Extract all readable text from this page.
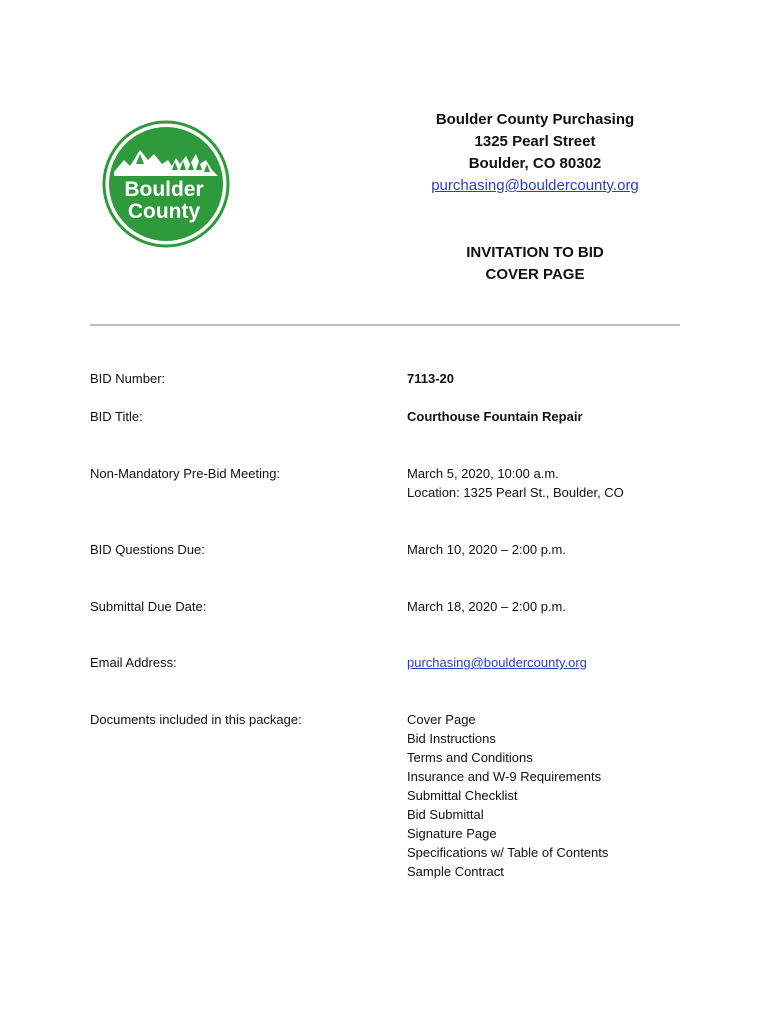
Boulder
County
Boulder County Purchasing
1325 Pearl Street
Boulder, CO 80302
purchasing@bouldercounty.org
INVITATION TO BID
COVER PAGE
BID Number:	7113-20
BID Title:	Courthouse Fountain Repair
Non-Mandatory Pre-Bid Meeting:	March 5, 2020, 10:00 a.m.
Location: 1325 Pearl St., Boulder, CO
BID Questions Due:	March 10, 2020 – 2:00 p.m.
Submittal Due Date:	March 18, 2020 – 2:00 p.m.
Email Address:	purchasing@bouldercounty.org
Documents included in this package:	Cover Page
Bid Instructions
Terms and Conditions
Insurance and W-9 Requirements
Submittal Checklist
Bid Submittal
Signature Page
Specifications w/ Table of Contents
Sample Contract
